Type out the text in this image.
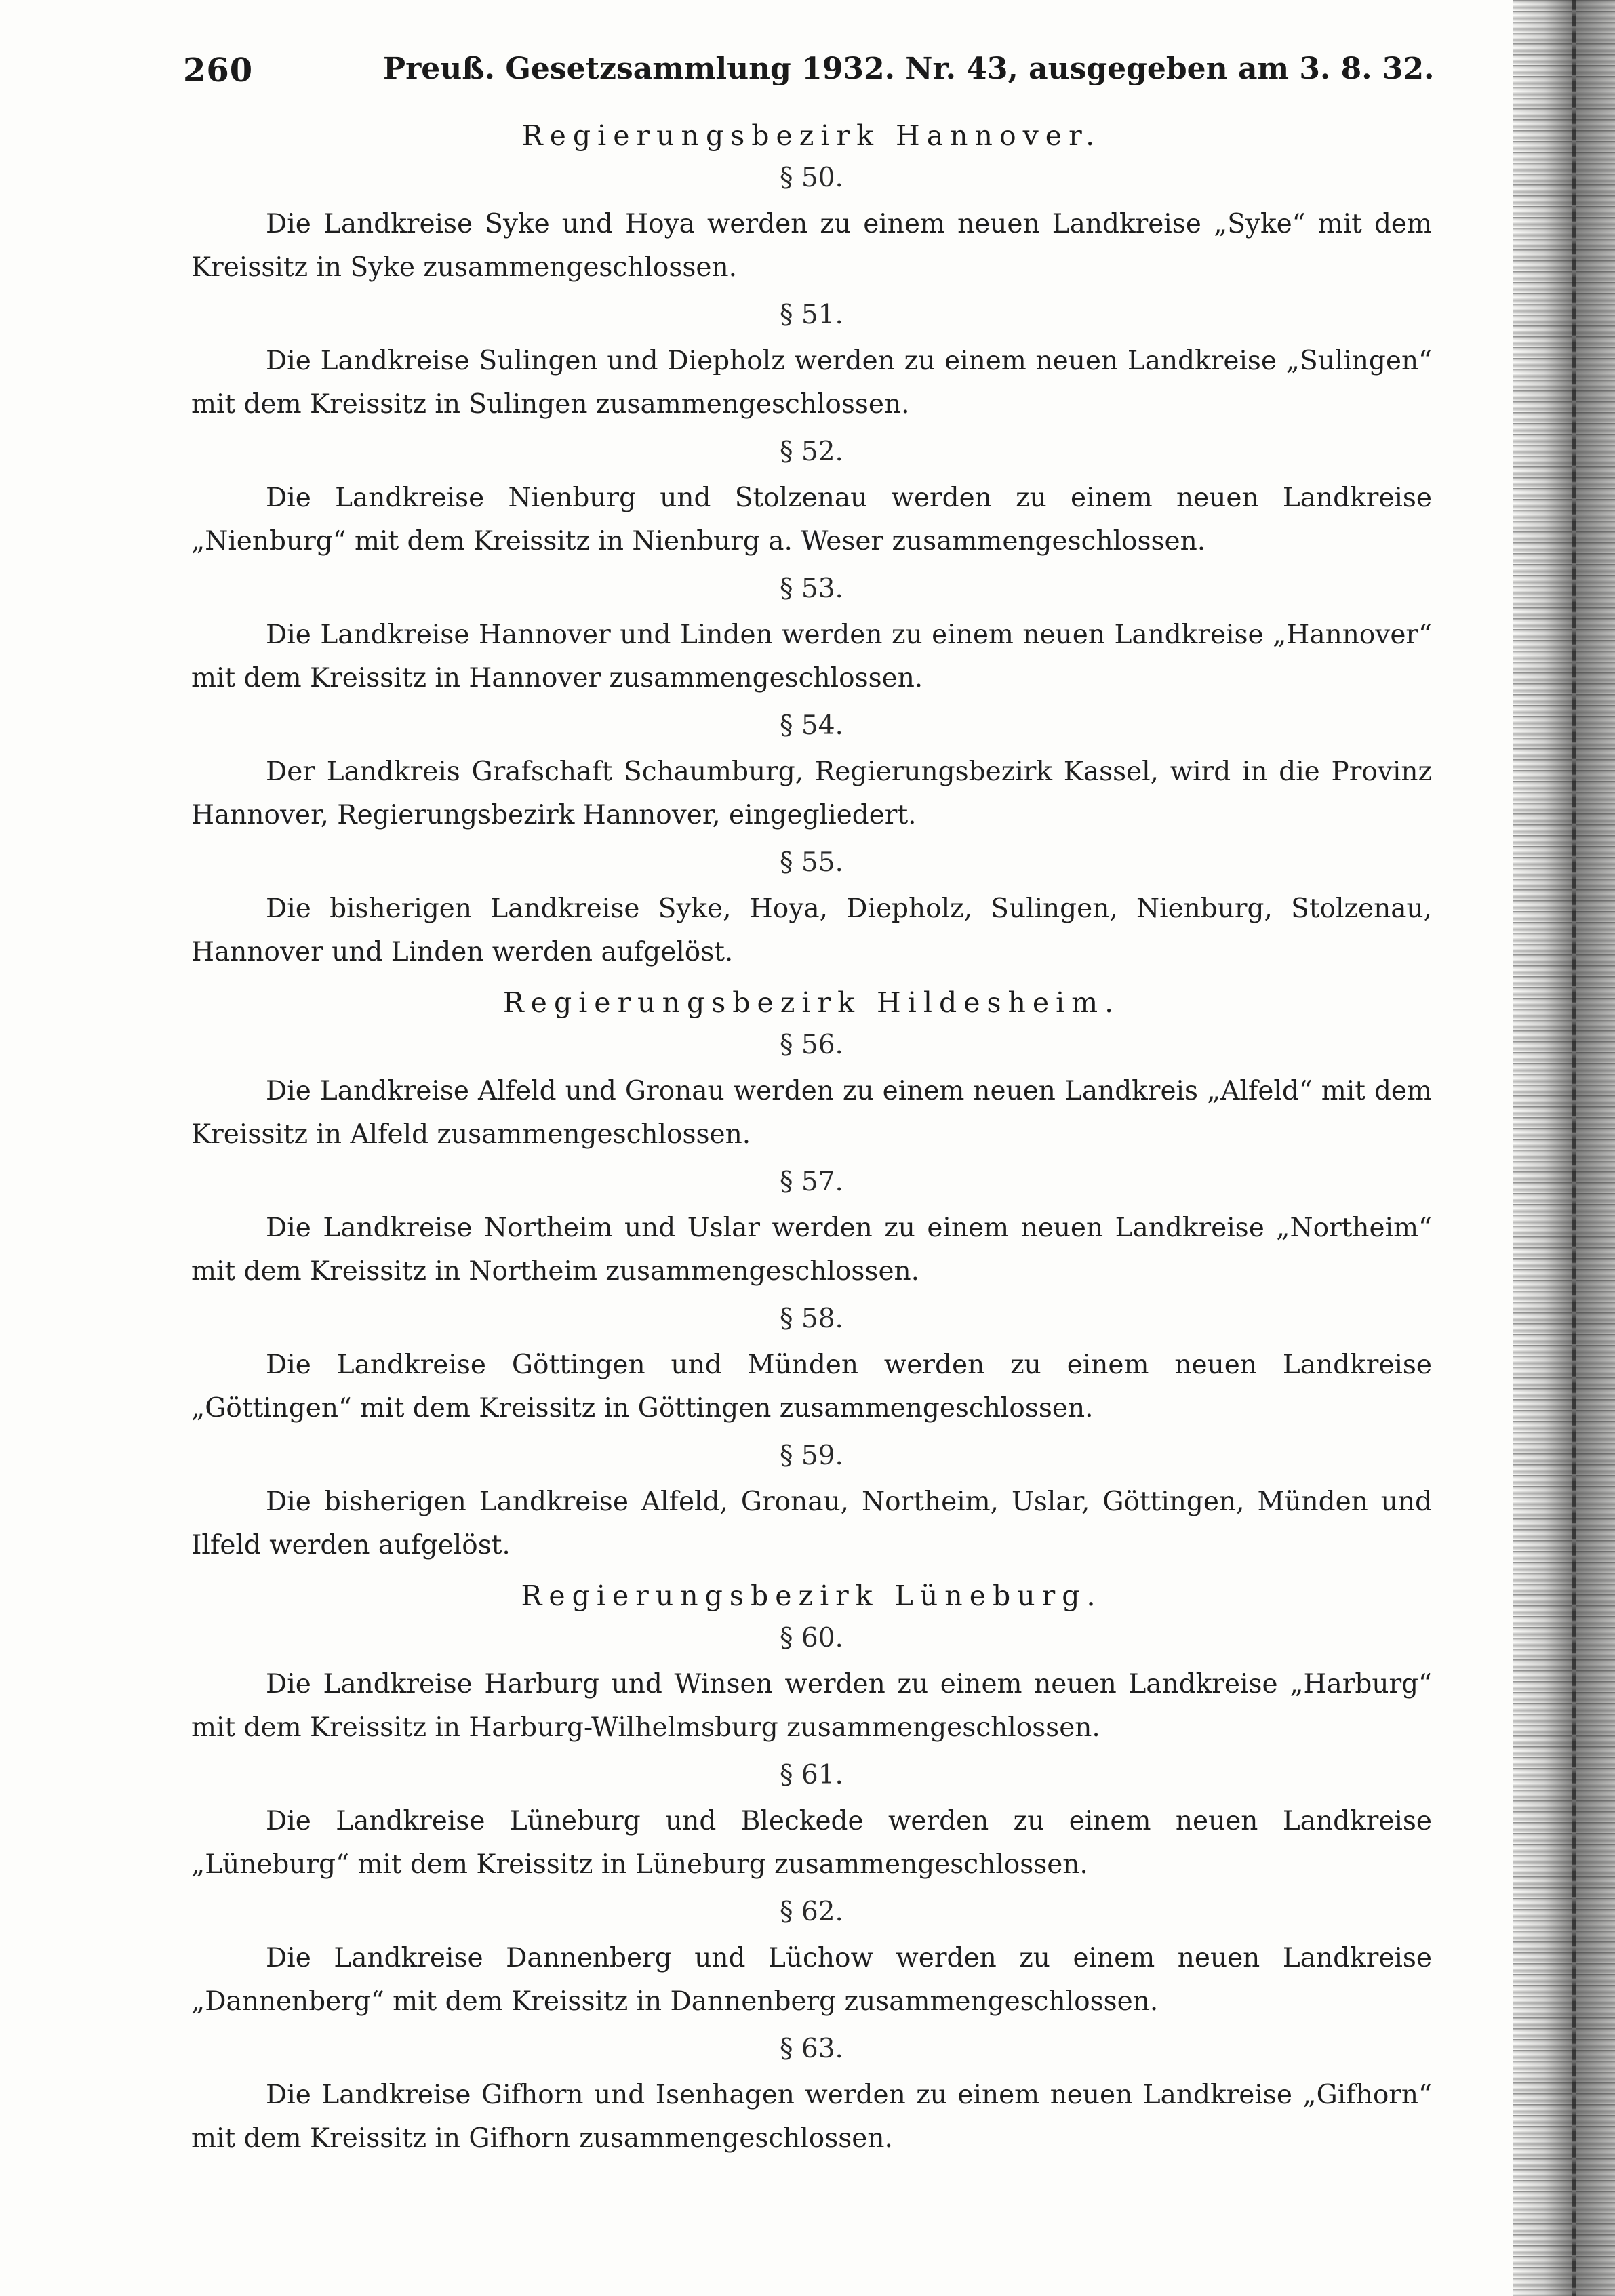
260	Preuß. Gesetzsammlung 1932. Nr. 43, ausgegeben am 3. 8. 32.
Regierungsbezirk Hannover.
§ 50.

Die Landkreise Syke und Hoya werden zu einem neuen Landkreise „Syke“ mit dem Kreissitz in Syke zusammengeschlossen.

§ 51.

Die Landkreise Sulingen und Diepholz werden zu einem neuen Landkreise „Sulingen“ mit dem Kreissitz in Sulingen zusammengeschlossen.

§ 52.

Die Landkreise Nienburg und Stolzenau werden zu einem neuen Landkreise „Nienburg“ mit dem Kreissitz in Nienburg a. Weser zusammengeschlossen.

§ 53.

Die Landkreise Hannover und Linden werden zu einem neuen Landkreise „Hannover“ mit dem Kreissitz in Hannover zusammengeschlossen.

§ 54.

Der Landkreis Grafschaft Schaumburg, Regierungsbezirk Kassel, wird in die Provinz Hannover, Regierungsbezirk Hannover, eingegliedert.

§ 55.

Die bisherigen Landkreise Syke, Hoya, Diepholz, Sulingen, Nienburg, Stolzenau, Hannover und Linden werden aufgelöst.

Regierungsbezirk Hildesheim.
§ 56.

Die Landkreise Alfeld und Gronau werden zu einem neuen Landkreis „Alfeld“ mit dem Kreissitz in Alfeld zusammengeschlossen.

§ 57.

Die Landkreise Northeim und Uslar werden zu einem neuen Landkreise „Northeim“ mit dem Kreissitz in Northeim zusammengeschlossen.

§ 58.

Die Landkreise Göttingen und Münden werden zu einem neuen Landkreise „Göttingen“ mit dem Kreissitz in Göttingen zusammengeschlossen.

§ 59.

Die bisherigen Landkreise Alfeld, Gronau, Northeim, Uslar, Göttingen, Münden und Ilfeld werden aufgelöst.

Regierungsbezirk Lüneburg.
§ 60.

Die Landkreise Harburg und Winsen werden zu einem neuen Landkreise „Harburg“ mit dem Kreissitz in Harburg-Wilhelmsburg zusammengeschlossen.

§ 61.

Die Landkreise Lüneburg und Bleckede werden zu einem neuen Landkreise „Lüneburg“ mit dem Kreissitz in Lüneburg zusammengeschlossen.

§ 62.

Die Landkreise Dannenberg und Lüchow werden zu einem neuen Landkreise „Dannenberg“ mit dem Kreissitz in Dannenberg zusammengeschlossen.

§ 63.

Die Landkreise Gifhorn und Isenhagen werden zu einem neuen Landkreise „Gifhorn“ mit dem Kreissitz in Gifhorn zusammengeschlossen.
